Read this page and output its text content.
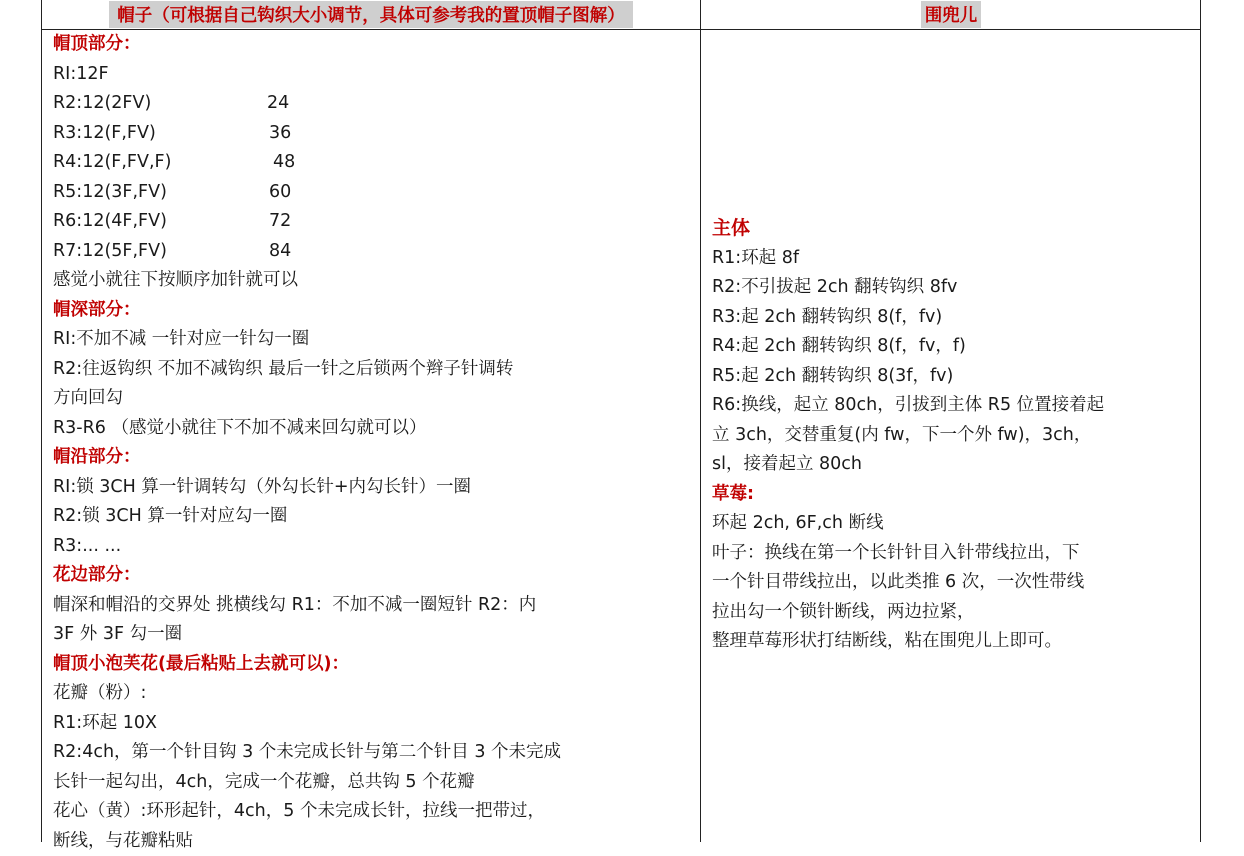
帽子（可根据自己钩织大小调节，具体可参考我的置顶帽子图解）	围兜儿
帽顶部分：
RI:12F
R2:12(2FV)	24
R3:12(F,FV)	36
R4:12(F,FV,F)	48
R5:12(3F,FV)	60
R6:12(4F,FV)	72
R7:12(5F,FV)	84
感觉小就往下按顺序加针就可以
帽深部分：
RI:不加不减 一针对应一针勾一圈
R2:往返钩织 不加不减钩织 最后一针之后锁两个辫子针调转
方向回勾
R3-R6 （感觉小就往下不加不减来回勾就可以）
帽沿部分：
RI:锁 3CH 算一针调转勾（外勾长针+内勾长针）一圈
R2:锁 3CH 算一针对应勾一圈
R3:... ...
花边部分：
帽深和帽沿的交界处 挑横线勾 R1：不加不减一圈短针 R2：内
3F 外 3F 勾一圈
帽顶小泡芙花(最后粘贴上去就可以)：
花瓣（粉）:
R1:环起 10X
R2:4ch，第一个针目钩 3 个未完成长针与第二个针目 3 个未完成
长针一起勾出，4ch，完成一个花瓣，总共钩 5 个花瓣
花心（黄）:环形起针，4ch，5 个未完成长针，拉线一把带过，
断线，与花瓣粘贴
主体
R1:环起 8f
R2:不引拔起 2ch 翻转钩织 8fv
R3:起 2ch 翻转钩织 8(f，fv)
R4:起 2ch 翻转钩织 8(f，fv，f)
R5:起 2ch 翻转钩织 8(3f，fv)
R6:换线，起立 80ch，引拔到主体 R5 位置接着起
立 3ch，交替重复(内 fw，下一个外 fw)，3ch，
sl，接着起立 80ch
草莓:
环起 2ch, 6F,ch 断线
叶子：换线在第一个长针针目入针带线拉出，下
一个针目带线拉出，以此类推 6 次，一次性带线
拉出勾一个锁针断线，两边拉紧，
整理草莓形状打结断线，粘在围兜儿上即可。
